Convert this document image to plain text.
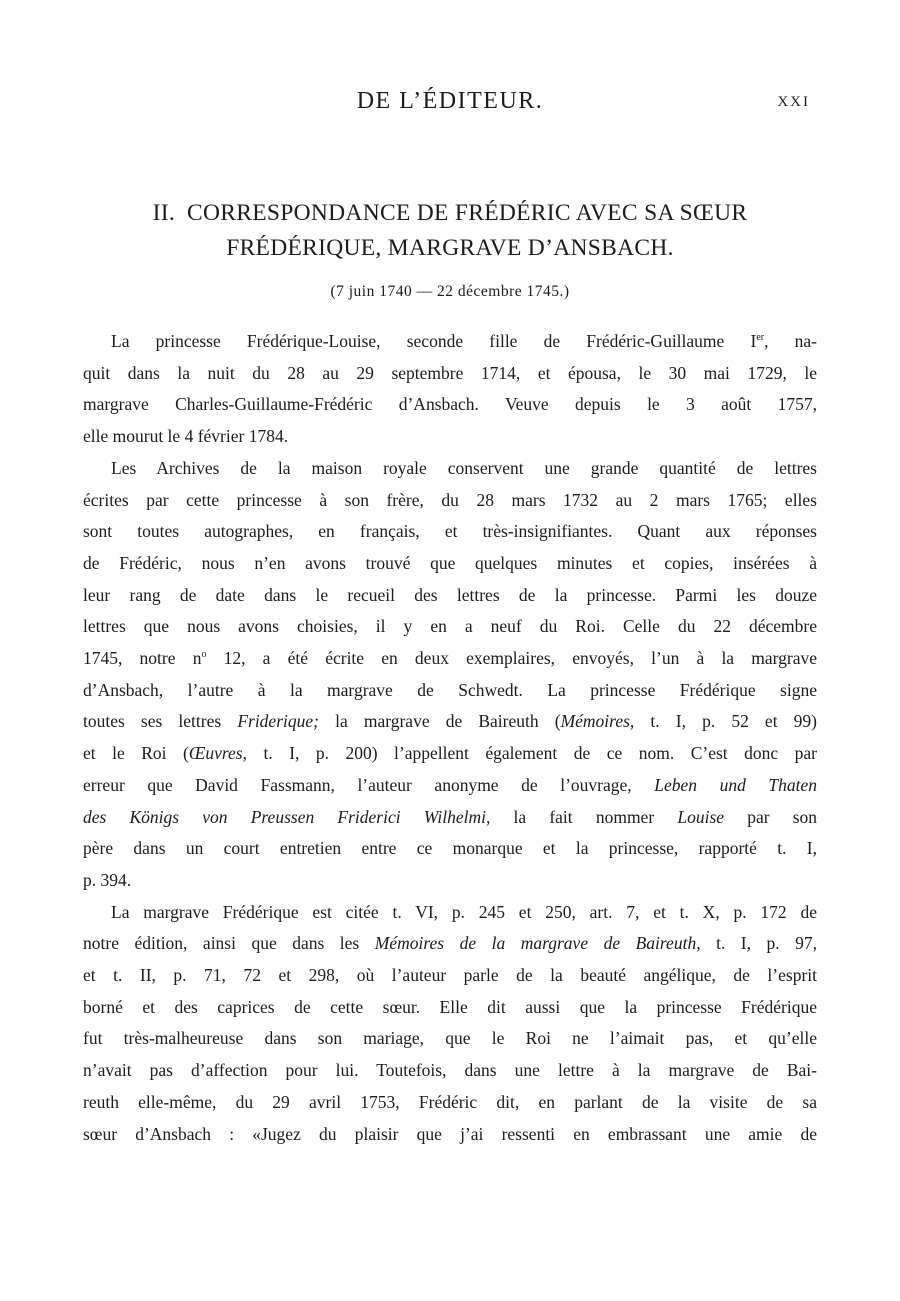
DE L’ÉDITEUR.	XXI
II. CORRESPONDANCE DE FRÉDÉRIC AVEC SA SŒUR
FRÉDÉRIQUE, MARGRAVE D’ANSBACH.
(7 juin 1740 — 22 décembre 1745.)
La princesse Frédérique-Louise, seconde fille de Frédéric-Guillaume Ier, na-
quit dans la nuit du 28 au 29 septembre 1714, et épousa, le 30 mai 1729, le
margrave Charles-Guillaume-Frédéric d’Ansbach. Veuve depuis le 3 août 1757,
elle mourut le 4 février 1784.
Les Archives de la maison royale conservent une grande quantité de lettres
écrites par cette princesse à son frère, du 28 mars 1732 au 2 mars 1765; elles
sont toutes autographes, en français, et très-insignifiantes. Quant aux réponses
de Frédéric, nous n’en avons trouvé que quelques minutes et copies, insérées à
leur rang de date dans le recueil des lettres de la princesse. Parmi les douze
lettres que nous avons choisies, il y en a neuf du Roi. Celle du 22 décembre
1745, notre $n^o$ 12, a été écrite en deux exemplaires, envoyés, l’un à la margrave
d’Ansbach, l’autre à la margrave de Schwedt. La princesse Frédérique signe
toutes ses lettres Friderique; la margrave de Baireuth (Mémoires, t. I, p. 52 et 99)
et le Roi (Œuvres, t. I, p. 200) l’appellent également de ce nom. C’est donc par
erreur que David Fassmann, l’auteur anonyme de l’ouvrage, Leben und Thaten
des Königs von Preussen Friderici Wilhelmi, la fait nommer Louise par son
père dans un court entretien entre ce monarque et la princesse, rapporté t. I,
p. 394.
La margrave Frédérique est citée t. VI, p. 245 et 250, art. 7, et t. X, p. 172 de
notre édition, ainsi que dans les Mémoires de la margrave de Baireuth, t. I, p. 97,
et t. II, p. 71, 72 et 298, où l’auteur parle de la beauté angélique, de l’esprit
borné et des caprices de cette sœur. Elle dit aussi que la princesse Frédérique
fut très-malheureuse dans son mariage, que le Roi ne l’aimait pas, et qu’elle
n’avait pas d’affection pour lui. Toutefois, dans une lettre à la margrave de Bai-
reuth elle-même, du 29 avril 1753, Frédéric dit, en parlant de la visite de sa
sœur d’Ansbach : «Jugez du plaisir que j’ai ressenti en embrassant une amie de
